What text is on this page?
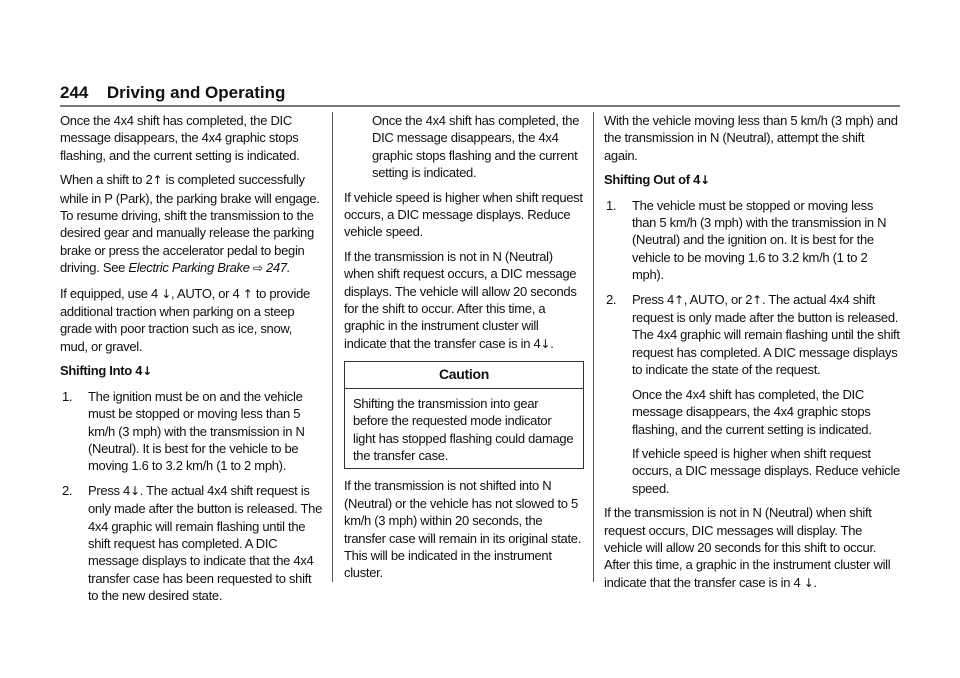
244 Driving and Operating

Once the 4x4 shift has completed, the DIC message disappears, the 4x4 graphic stops flashing, and the current setting is indicated.

When a shift to 2↑ is completed successfully while in P (Park), the parking brake will engage. To resume driving, shift the transmission to the desired gear and manually release the parking brake or press the accelerator pedal to begin driving. See Electric Parking Brake ⇨ 247.

If equipped, use 4 ↓, AUTO, or 4 ↑ to provide additional traction when parking on a steep grade with poor traction such as ice, snow, mud, or gravel.

Shifting Into 4↓

1. The ignition must be on and the vehicle must be stopped or moving less than 5 km/h (3 mph) with the transmission in N (Neutral). It is best for the vehicle to be moving 1.6 to 3.2 km/h (1 to 2 mph).
2. Press 4↓. The actual 4x4 shift request is only made after the button is released. The 4x4 graphic will remain flashing until the shift request has completed. A DIC message displays to indicate that the 4x4 transfer case has been requested to shift to the new desired state.

Once the 4x4 shift has completed, the DIC message disappears, the 4x4 graphic stops flashing and the current setting is indicated.

If vehicle speed is higher when shift request occurs, a DIC message displays. Reduce vehicle speed.

If the transmission is not in N (Neutral) when shift request occurs, a DIC message displays. The vehicle will allow 20 seconds for the shift to occur. After this time, a graphic in the instrument cluster will indicate that the transfer case is in 4↓.

Caution
Shifting the transmission into gear before the requested mode indicator light has stopped flashing could damage the transfer case.

If the transmission is not shifted into N (Neutral) or the vehicle has not slowed to 5 km/h (3 mph) within 20 seconds, the transfer case will remain in its original state. This will be indicated in the instrument cluster.

With the vehicle moving less than 5 km/h (3 mph) and the transmission in N (Neutral), attempt the shift again.

Shifting Out of 4↓

1. The vehicle must be stopped or moving less than 5 km/h (3 mph) with the transmission in N (Neutral) and the ignition on. It is best for the vehicle to be moving 1.6 to 3.2 km/h (1 to 2 mph).
2. Press 4↑, AUTO, or 2↑. The actual 4x4 shift request is only made after the button is released. The 4x4 graphic will remain flashing until the shift request has completed. A DIC message displays to indicate the state of the request.

Once the 4x4 shift has completed, the DIC message disappears, the 4x4 graphic stops flashing, and the current setting is indicated.

If vehicle speed is higher when shift request occurs, a DIC message displays. Reduce vehicle speed.

If the transmission is not in N (Neutral) when shift request occurs, DIC messages will display. The vehicle will allow 20 seconds for this shift to occur. After this time, a graphic in the instrument cluster will indicate that the transfer case is in 4 ↓.
